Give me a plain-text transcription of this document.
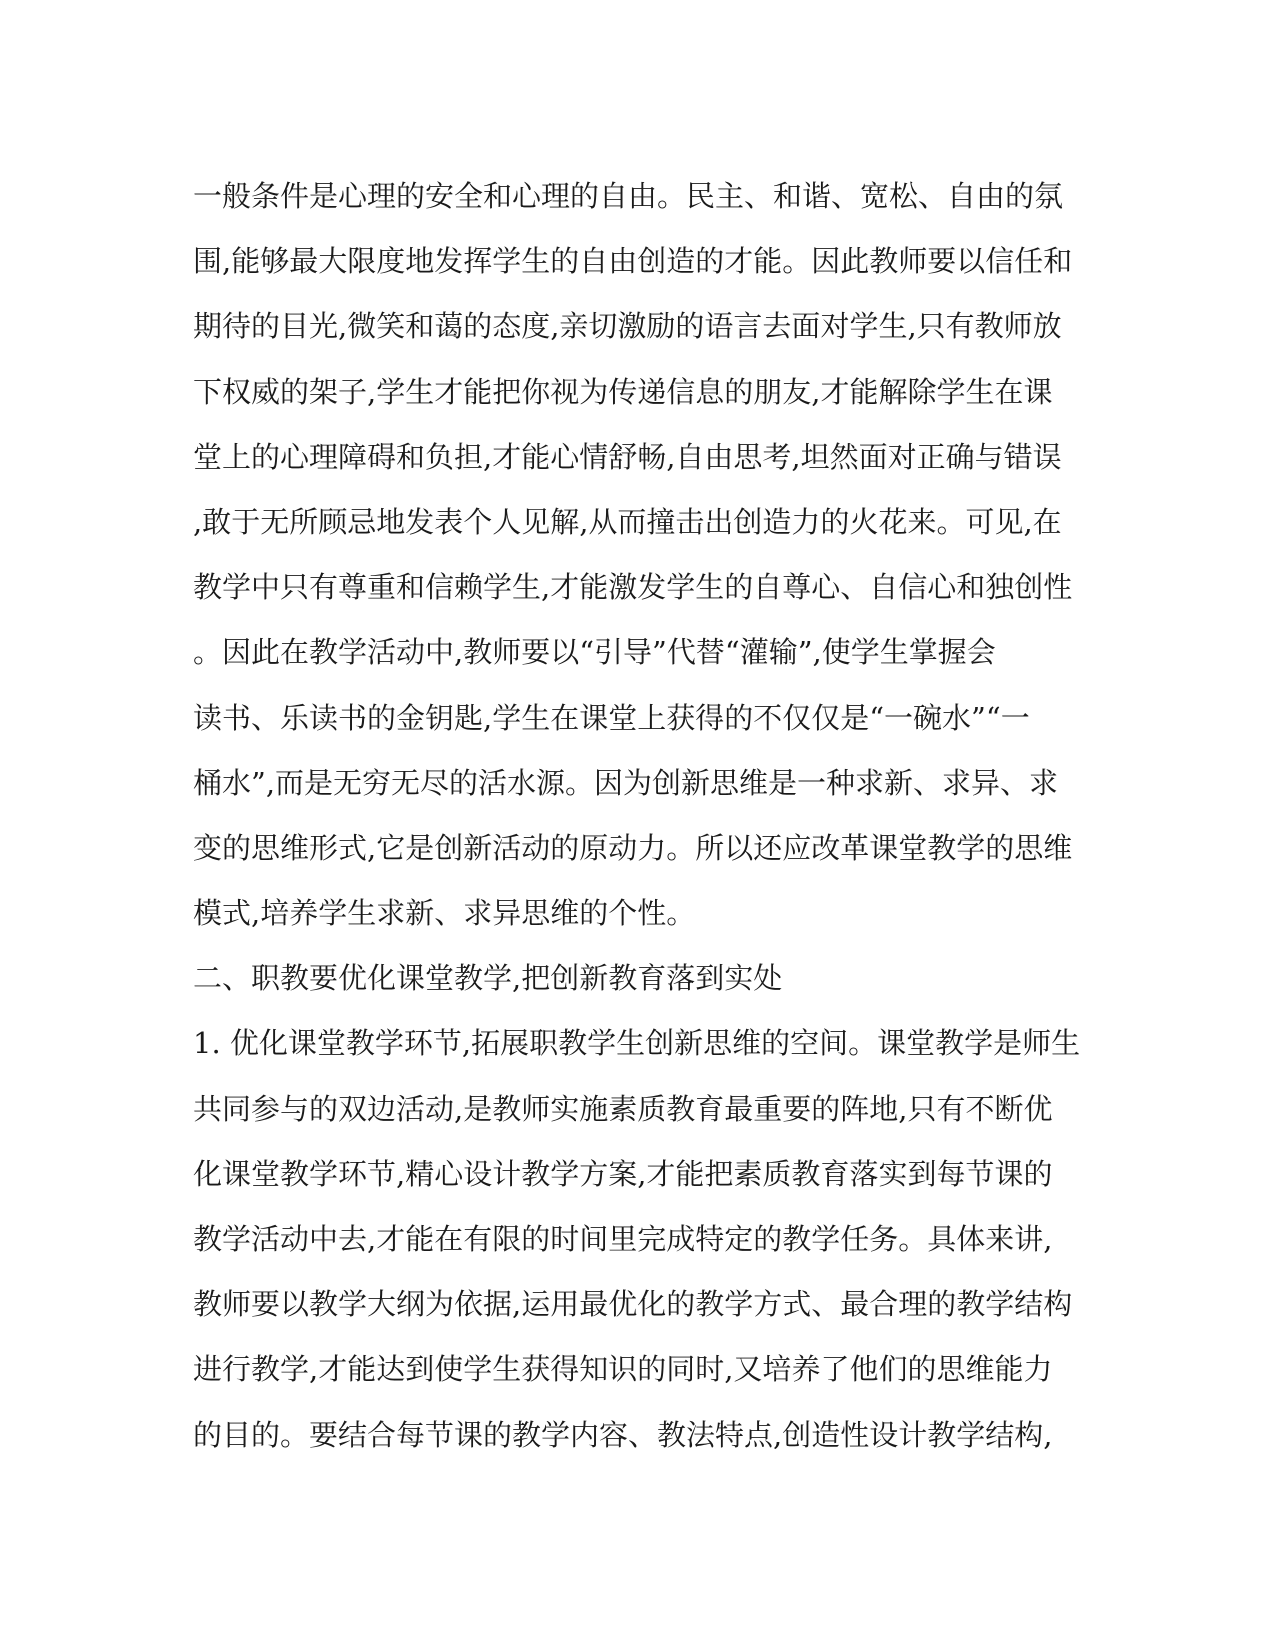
一般条件是心理的安全和心理的自由。民主、和谐、宽松、自由的氛
围,能够最大限度地发挥学生的自由创造的才能。因此教师要以信任和
期待的目光,微笑和蔼的态度,亲切激励的语言去面对学生,只有教师放
下权威的架子,学生才能把你视为传递信息的朋友,才能解除学生在课
堂上的心理障碍和负担,才能心情舒畅,自由思考,坦然面对正确与错误
,敢于无所顾忌地发表个人见解,从而撞击出创造力的火花来。可见,在
教学中只有尊重和信赖学生,才能激发学生的自尊心、自信心和独创性
。因此在教学活动中,教师要以“引导”代替“灌输”,使学生掌握会
读书、乐读书的金钥匙,学生在课堂上获得的不仅仅是“一碗水”“一
桶水”,而是无穷无尽的活水源。因为创新思维是一种求新、求异、求
变的思维形式,它是创新活动的原动力。所以还应改革课堂教学的思维
模式,培养学生求新、求异思维的个性。
二、职教要优化课堂教学,把创新教育落到实处
1. 优化课堂教学环节,拓展职教学生创新思维的空间。课堂教学是师生
共同参与的双边活动,是教师实施素质教育最重要的阵地,只有不断优
化课堂教学环节,精心设计教学方案,才能把素质教育落实到每节课的
教学活动中去,才能在有限的时间里完成特定的教学任务。具体来讲,
教师要以教学大纲为依据,运用最优化的教学方式、最合理的教学结构
进行教学,才能达到使学生获得知识的同时,又培养了他们的思维能力
的目的。要结合每节课的教学内容、教法特点,创造性设计教学结构,
